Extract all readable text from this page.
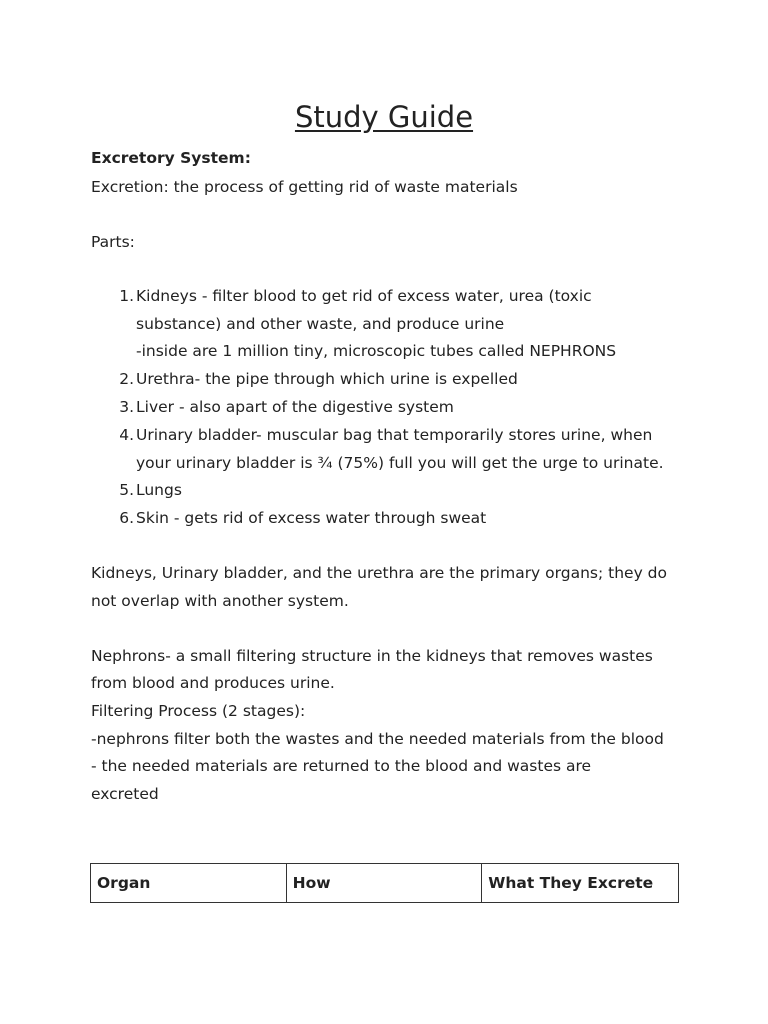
Study Guide

Excretory System:

Excretion: the process of getting rid of waste materials

Parts:

1. Kidneys - filter blood to get rid of excess water, urea (toxic
substance) and other waste, and produce urine
-inside are 1 million tiny, microscopic tubes called NEPHRONS
2. Urethra- the pipe through which urine is expelled
3. Liver - also apart of the digestive system
4. Urinary bladder- muscular bag that temporarily stores urine, when
your urinary bladder is ¾ (75%) full you will get the urge to urinate.
5. Lungs
6. Skin - gets rid of excess water through sweat

Kidneys, Urinary bladder, and the urethra are the primary organs; they do

not overlap with another system.

Nephrons- a small filtering structure in the kidneys that removes wastes

from blood and produces urine.

Filtering Process (2 stages):

-nephrons filter both the wastes and the needed materials from the blood

- the needed materials are returned to the blood and wastes are

excreted

Organ	How	What They Excrete
